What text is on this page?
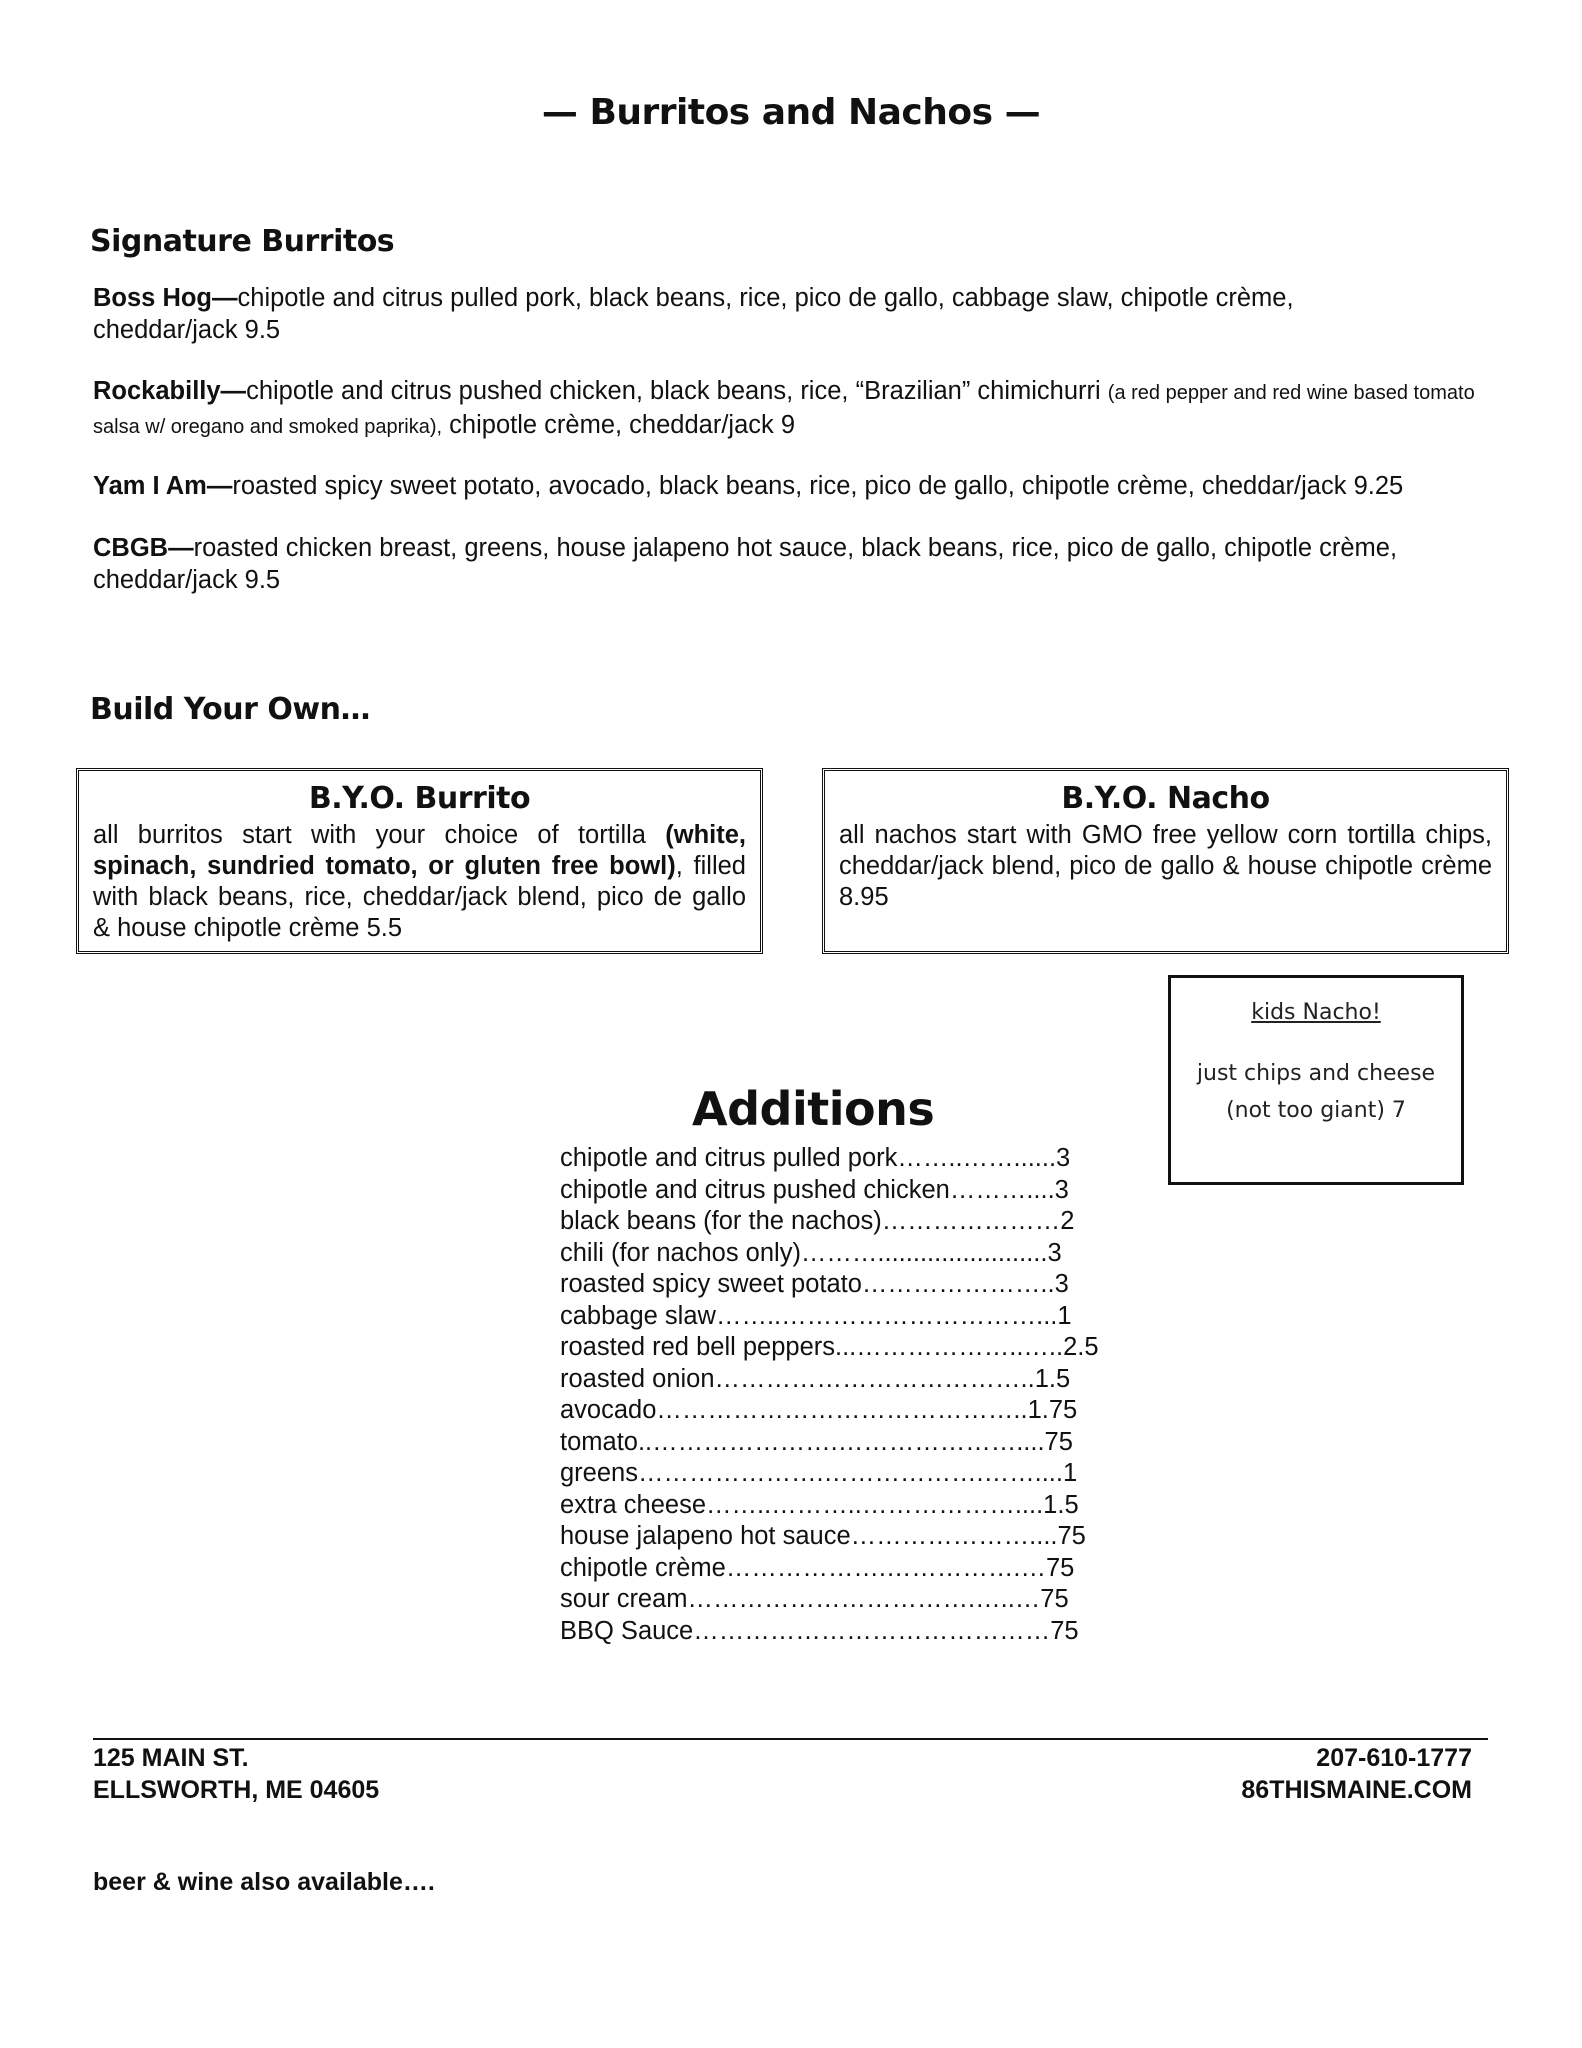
— Burritos and Nachos —
Signature Burritos

Boss Hog—chipotle and citrus pulled pork, black beans, rice, pico de gallo, cabbage slaw, chipotle crème,
cheddar/jack 9.5

Rockabilly—chipotle and citrus pushed chicken, black beans, rice, “Brazilian” chimichurri (a red pepper and red wine based tomato salsa w/ oregano and smoked paprika), chipotle crème, cheddar/jack 9

Yam I Am—roasted spicy sweet potato, avocado, black beans, rice, pico de gallo, chipotle crème, cheddar/jack 9.25

CBGB—roasted chicken breast, greens, house jalapeno hot sauce, black beans, rice, pico de gallo, chipotle crème,
cheddar/jack 9.5

Build Your Own…
B.Y.O. Burrito
all burritos start with your choice of tortilla (white, spinach, sundried tomato, or gluten free bowl), filled with black beans, rice, cheddar/jack blend, pico de gallo & house chipotle crème 5.5
B.Y.O. Nacho
all nachos start with GMO free yellow corn tortilla chips, cheddar/jack blend, pico de gallo & house chipotle crème 8.95
kids Nacho!
just chips and cheese
(not too giant) 7
Additions
chipotle and citrus pulled pork……..……......3
chipotle and citrus pushed chicken………....3
black beans (for the nachos)…………………2
chili (for nachos only)………........................3
roasted spicy sweet potato…………………..3
cabbage slaw……..…………………………...1
roasted red bell peppers...………………..…..2.5
roasted onion………………………………..1.5
avocado……………………………………..1.75
tomato..………………….…………………....75
greens………………….……………….……....1
extra cheese……..………..………………....1.5
house jalapeno hot sauce…………………....75
chipotle crème……………….…………….…75
sour cream…………………………….…..…75
BBQ Sauce……………………………………75
125 MAIN ST.
ELLSWORTH, ME 04605
207-610-1777
86THISMAINE.COM
beer & wine also available….
